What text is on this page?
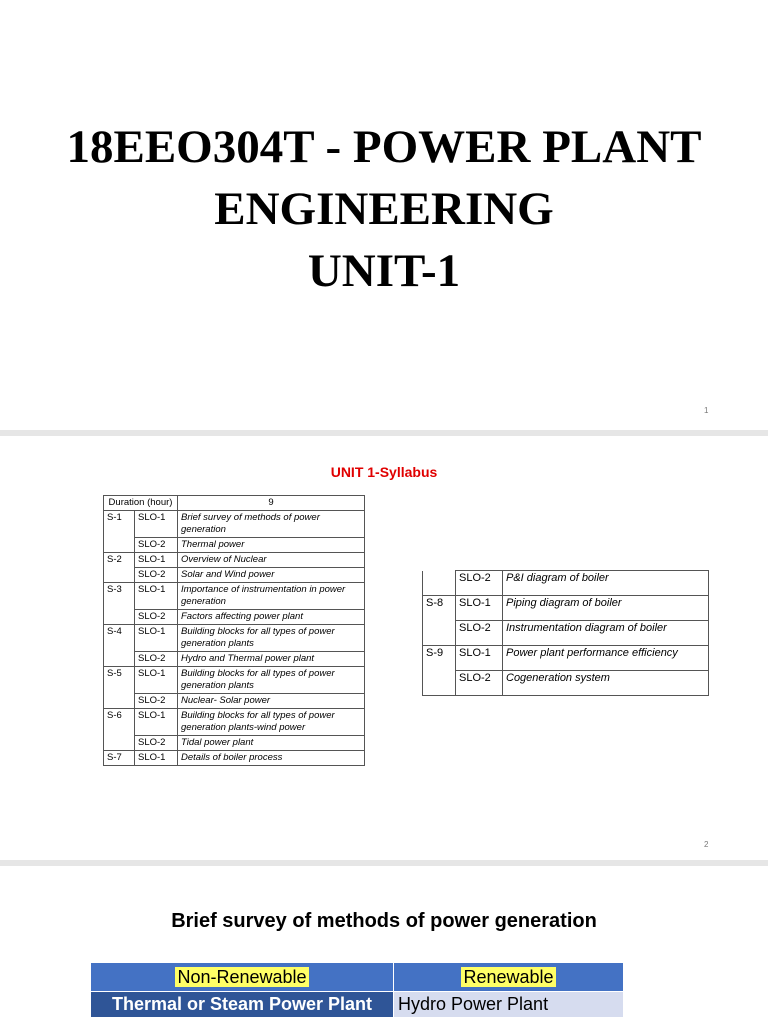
18EEO304T - POWER PLANT
ENGINEERING
UNIT-1
1
UNIT 1-Syllabus
Duration (hour)		9
S-1	SLO-1	Brief survey of methods of power generation
	SLO-2	Thermal power
S-2	SLO-1	Overview of Nuclear
	SLO-2	Solar and Wind power
S-3	SLO-1	Importance of instrumentation in power generation
	SLO-2	Factors affecting power plant
S-4	SLO-1	Building blocks for all types of power generation plants
	SLO-2	Hydro and Thermal power plant
S-5	SLO-1	Building blocks for all types of power generation plants
	SLO-2	Nuclear- Solar power
S-6	SLO-1	Building blocks for all types of power generation plants-wind power
	SLO-2	Tidal power plant
S-7	SLO-1	Details of boiler process
	SLO-2	P&I diagram of boiler
S-8	SLO-1	Piping diagram of boiler
	SLO-2	Instrumentation diagram of boiler
S-9	SLO-1	Power plant performance efficiency
	SLO-2	Cogeneration system
2
Brief survey of methods of power generation
Non-Renewable	Renewable
Thermal or Steam Power Plant	Hydro Power Plant
